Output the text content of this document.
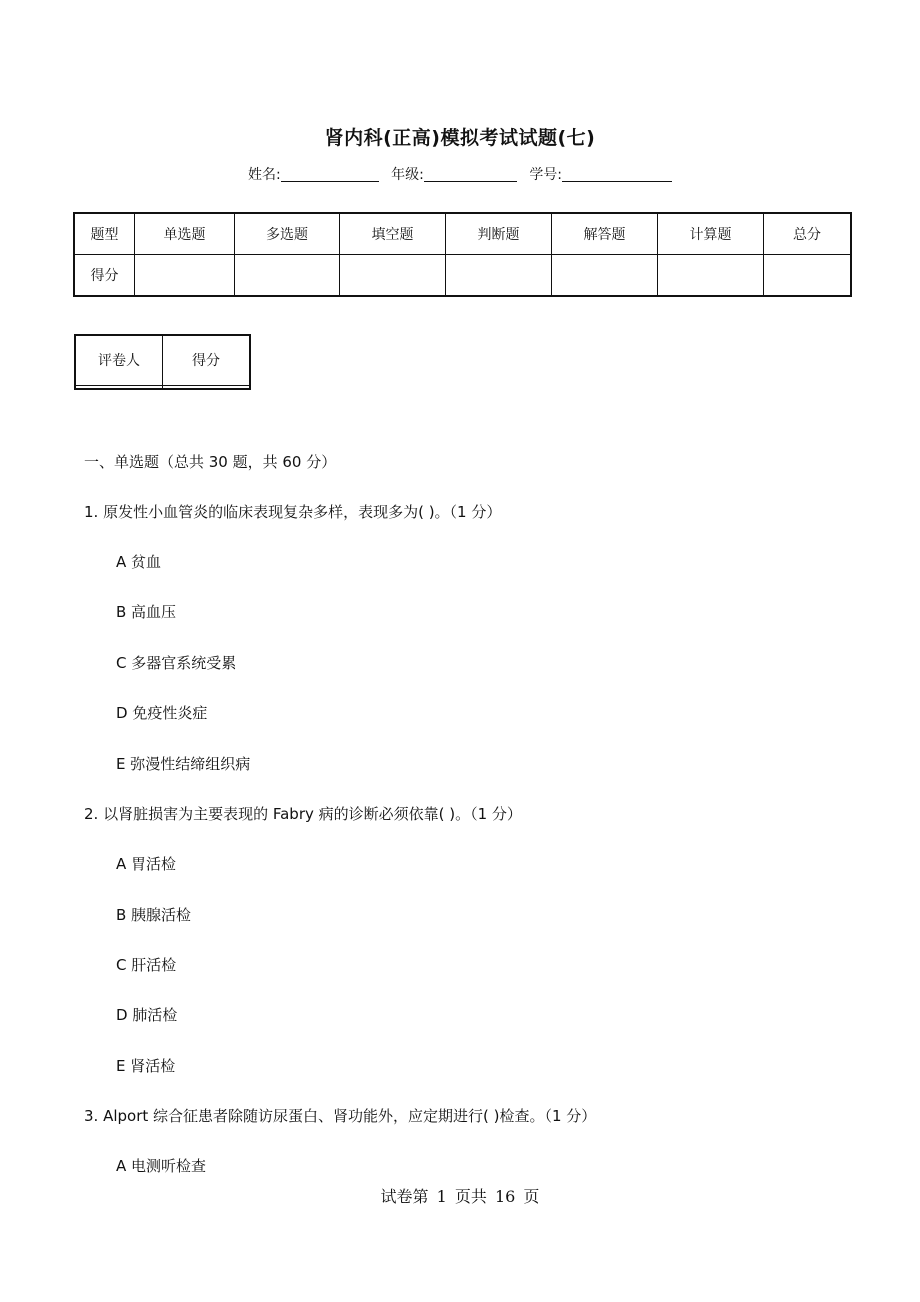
肾内科(正高)模拟考试试题(七)
姓名:	年级:	学号:
题型	单选题	多选题	填空题	判断题	解答题	计算题	总分
得分							
评卷人	得分

一、单选题（总共 30 题，共 60 分）
1. 原发性小血管炎的临床表现复杂多样，表现多为( )。（1 分）
A 贫血
B 高血压
C 多器官系统受累
D 免疫性炎症
E 弥漫性结缔组织病
2. 以肾脏损害为主要表现的 Fabry 病的诊断必须依靠( )。（1 分）
A 胃活检
B 胰腺活检
C 肝活检
D 肺活检
E 肾活检
3. Alport 综合征患者除随访尿蛋白、肾功能外，应定期进行( )检查。（1 分）
A 电测听检查
试卷第 1 页共 16 页
